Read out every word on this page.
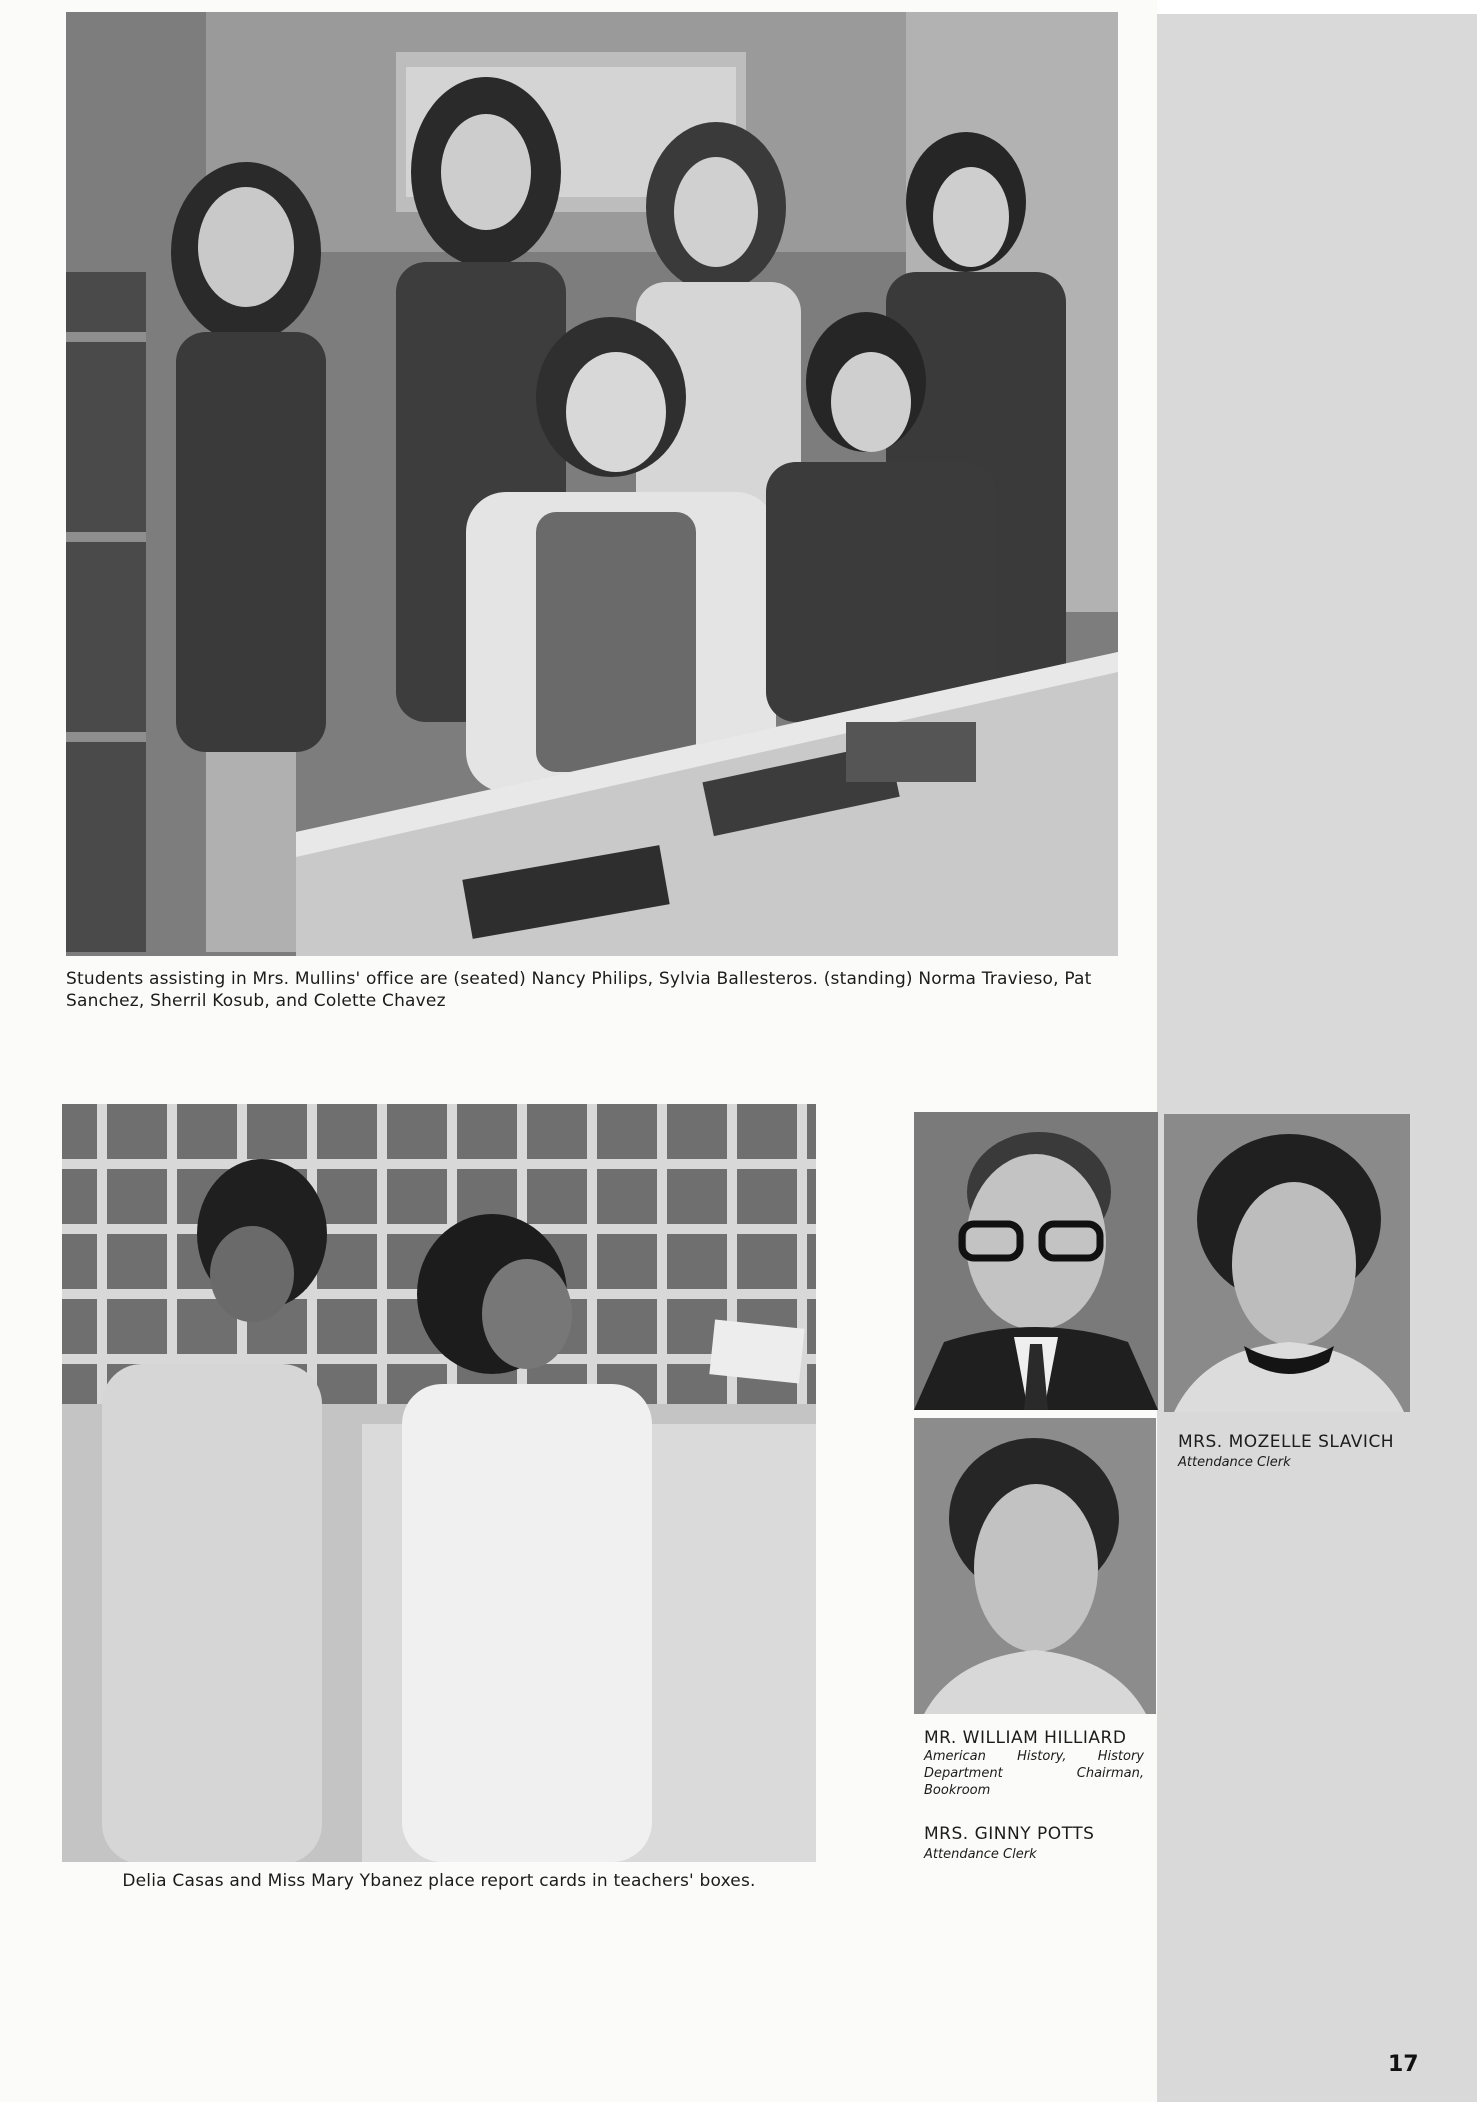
Students assisting in Mrs. Mullins' office are (seated) Nancy Philips, Sylvia Ballesteros. (standing) Norma Travieso, Pat Sanchez, Sherril Kosub, and Colette Chavez
Delia Casas and Miss Mary Ybanez place report cards in teachers' boxes.
MRS. MOZELLE SLAVICH
Attendance Clerk
MR. WILLIAM HILLIARD
American History, History Department Chairman, Bookroom
MRS. GINNY POTTS
Attendance Clerk
17
